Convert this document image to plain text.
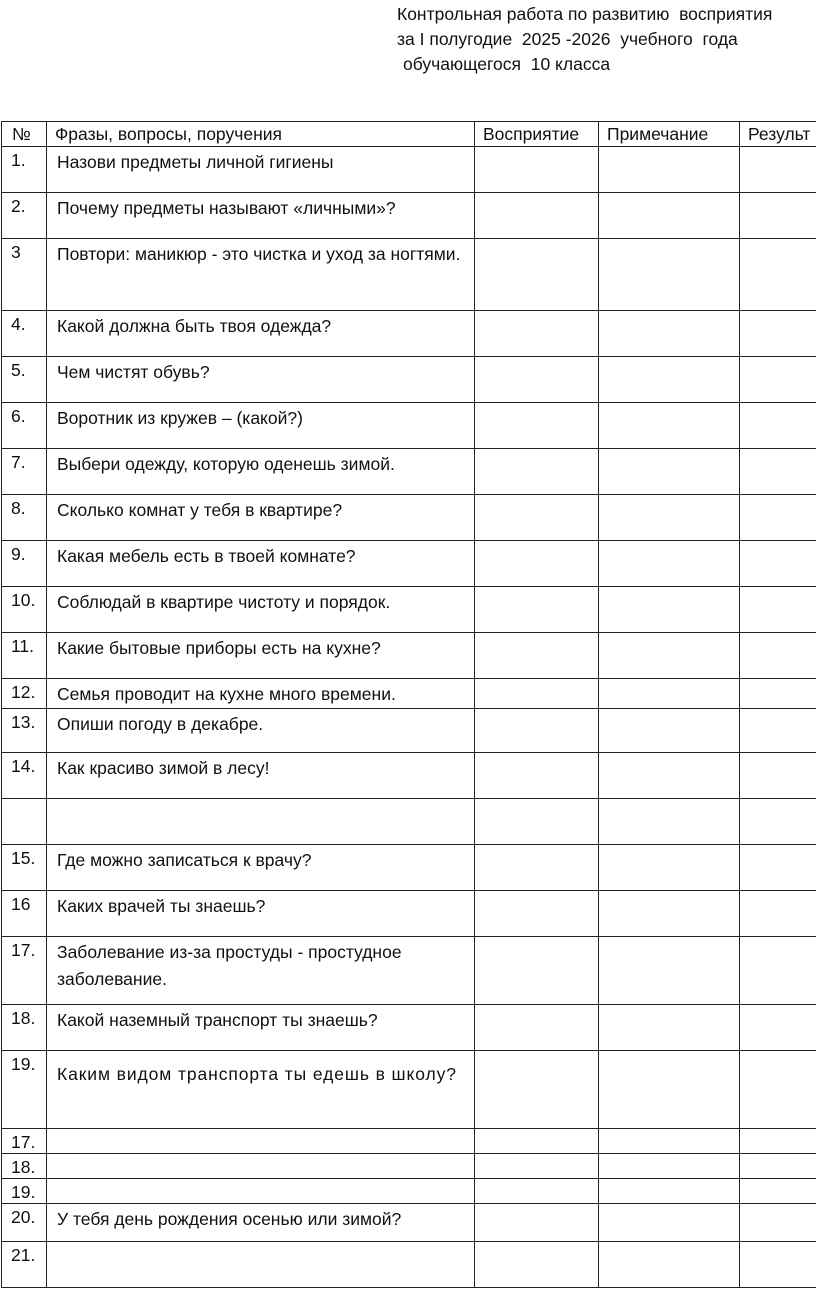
Контрольная работа по развитию  восприятия
за I полугодие  2025 -2026  учебного  года
обучающегося  10 класса
№	Фразы, вопросы, поручения	Восприятие	Примечание	Результ

1.	Назови предметы личной гигиены			

2.	Почему предметы называют «личными»?			

3	Повтори: маникюр - это чистка и уход за ногтями.			

4.	Какой должна быть твоя одежда?			

5.	Чем чистят обувь?			

6.	Воротник из кружев – (какой?)			

7.	Выбери одежду, которую оденешь зимой.			

8.	Сколько комнат у тебя в квартире?			

9.	Какая мебель есть в твоей комнате?			

10.	Соблюдай в квартире чистоту и порядок.			

11.	Какие бытовые приборы есть на кухне?			

12.	Семья проводит на кухне много времени.			

13.	Опиши погоду в декабре.			

14.	Как красиво зимой в лесу!			

15.	Где можно записаться к врачу?			

16	Каких врачей ты знаешь?			

17.	Заболевание из-за простуды - простудное заболевание.			

18.	Какой наземный транспорт ты знаешь?			

19.	Каким видом транспорта ты едешь в школу?			

17.				

18.				

19.				

20.	У тебя день рождения осенью или зимой?			

21.				
